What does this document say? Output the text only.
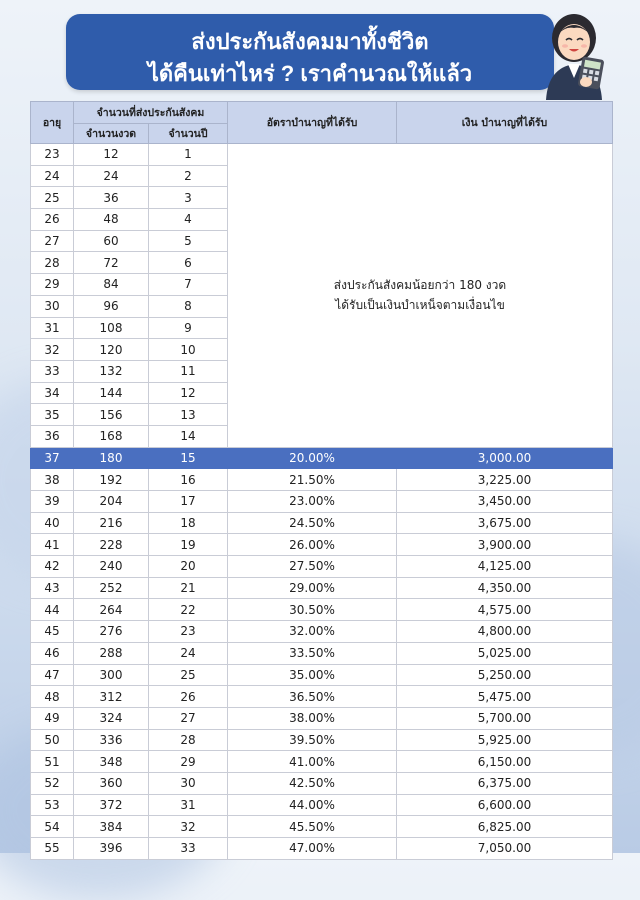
ส่งประกันสังคมมาทั้งชีวิต
ได้คืนเท่าไหร่ ? เราคำนวณให้แล้ว
อายุ	จำนวนที่ส่งประกันสังคม		อัตราบำนาญที่ได้รับ	เงิน บำนาญที่ได้รับ
	จำนวนงวด	จำนวนปี		
23	12	1	ส่งประกันสังคมน้อยกว่า 180 งวด
ได้รับเป็นเงินบำเหน็จตามเงื่อนไข	

24	24	2		
25	36	3		
26	48	4		
27	60	5		
28	72	6		
29	84	7		
30	96	8		
31	108	9		
32	120	10		
33	132	11		
34	144	12		
35	156	13		
36	168	14		
37	180	15	20.00%	3,000.00
38	192	16	21.50%	3,225.00
39	204	17	23.00%	3,450.00
40	216	18	24.50%	3,675.00
41	228	19	26.00%	3,900.00
42	240	20	27.50%	4,125.00
43	252	21	29.00%	4,350.00
44	264	22	30.50%	4,575.00
45	276	23	32.00%	4,800.00
46	288	24	33.50%	5,025.00
47	300	25	35.00%	5,250.00
48	312	26	36.50%	5,475.00
49	324	27	38.00%	5,700.00
50	336	28	39.50%	5,925.00
51	348	29	41.00%	6,150.00
52	360	30	42.50%	6,375.00
53	372	31	44.00%	6,600.00
54	384	32	45.50%	6,825.00
55	396	33	47.00%	7,050.00
